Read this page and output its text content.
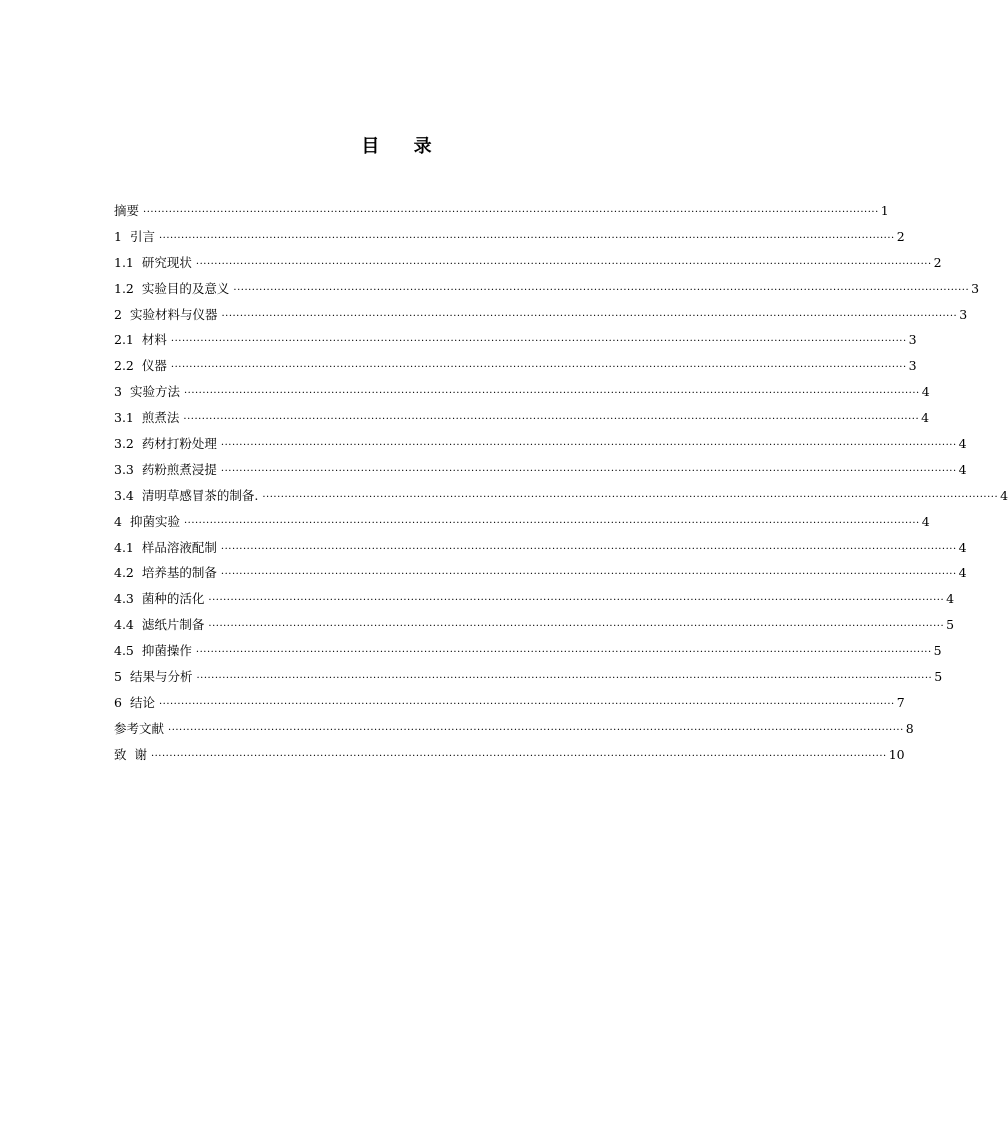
目 录
摘要 ········································································································································································································ 1
1 引言 ········································································································································································································ 2
1.1 研究现状 ········································································································································································································ 2
1.2 实验目的及意义 ········································································································································································································ 3
2 实验材料与仪器 ········································································································································································································ 3
2.1 材料 ········································································································································································································ 3
2.2 仪器 ········································································································································································································ 3
3 实验方法 ········································································································································································································ 4
3.1 煎煮法 ········································································································································································································ 4
3.2 药材打粉处理 ········································································································································································································ 4
3.3 药粉煎煮浸提 ········································································································································································································ 4
3.4 清明草感冒茶的制备. ········································································································································································································ 4
4 抑菌实验 ········································································································································································································ 4
4.1 样品溶液配制 ········································································································································································································ 4
4.2 培养基的制备 ········································································································································································································ 4
4.3 菌种的活化 ········································································································································································································ 4
4.4 滤纸片制备 ········································································································································································································ 5
4.5 抑菌操作 ········································································································································································································ 5
5 结果与分析 ········································································································································································································ 5
6 结论 ········································································································································································································ 7
参考文献 ········································································································································································································ 8
致  谢 ········································································································································································································ 10
